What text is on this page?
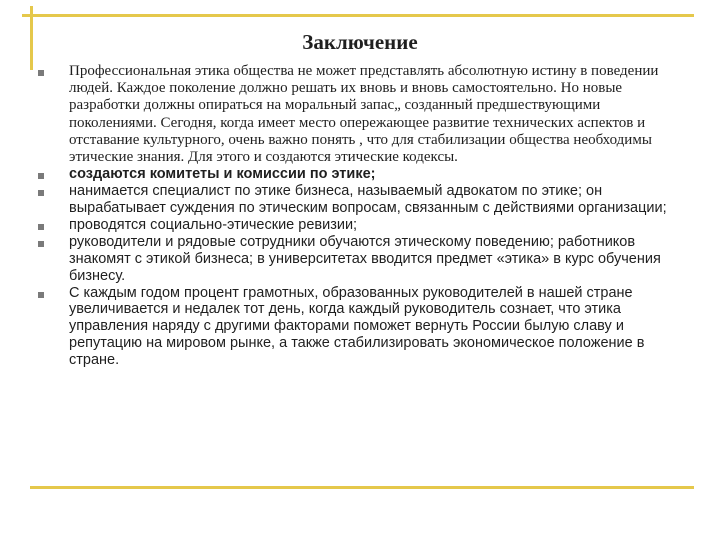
Заключение
Профессиональная этика общества не может представлять абсолютную истину в поведении людей. Каждое поколение должно решать их вновь и вновь самостоятельно. Но новые разработки должны опираться на моральный запас„ созданный предшествующими поколениями. Сегодня, когда имеет место опережающее развитие технических аспектов и отставание культурного, очень важно понять , что для стабилизации общества необходимы этические знания. Для этого и создаются этические кодексы.
создаются комитеты и комиссии по этике;
нанимается специалист по этике бизнеса, называемый адвокатом по этике; он вырабатывает суждения по этическим вопросам, связанным с действиями организации;
проводятся социально-этические ревизии;
руководители и рядовые сотрудники обучаются этическому поведению; работников знакомят с этикой бизнеса; в университетах вводится предмет «этика» в курс обучения бизнесу.
С каждым годом процент грамотных, образованных руководителей в нашей стране увеличивается и недалек тот день, когда каждый руководитель сознает, что этика управления наряду с другими факторами поможет вернуть России былую славу и репутацию на мировом рынке, а также стабилизировать экономическое положение в стране.
